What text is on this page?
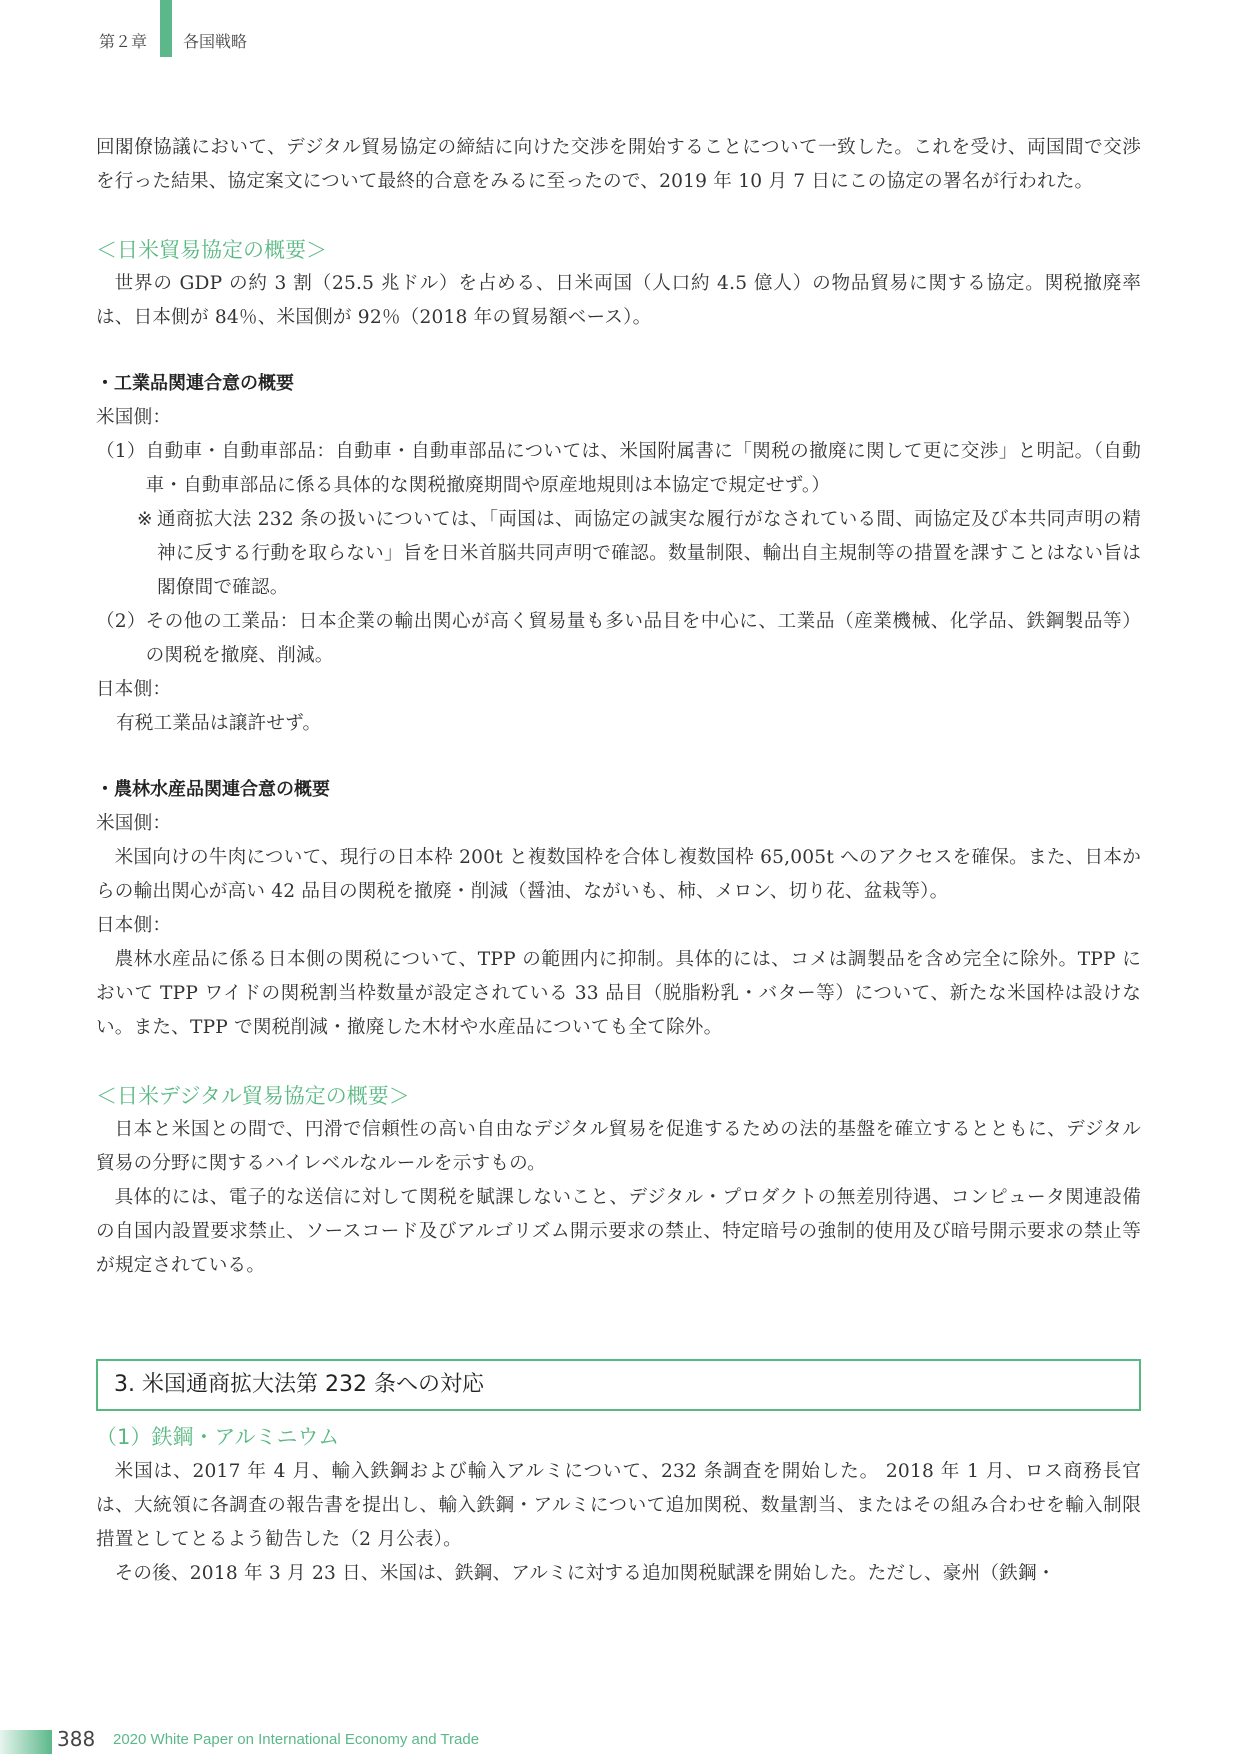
第２章 各国戦略

回閣僚協議において、デジタル貿易協定の締結に向けた交渉を開始することについて一致した。これを受け、両国間で交渉を行った結果、協定案文について最終的合意をみるに至ったので、2019 年 10 月 7 日にこの協定の署名が行われた。

＜日米貿易協定の概要＞

世界の GDP の約 3 割（25.5 兆ドル）を占める、日米両国（人口約 4.5 億人）の物品貿易に関する協定。関税撤廃率は、日本側が 84％、米国側が 92％（2018 年の貿易額ベース）。

・工業品関連合意の概要

米国側：

（1） 自動車・自動車部品：自動車・自動車部品については、米国附属書に「関税の撤廃に関して更に交渉」と明記。（自動車・自動車部品に係る具体的な関税撤廃期間や原産地規則は本協定で規定せず。）

※ 通商拡大法 232 条の扱いについては、「両国は、両協定の誠実な履行がなされている間、両協定及び本共同声明の精神に反する行動を取らない」旨を日米首脳共同声明で確認。数量制限、輸出自主規制等の措置を課すことはない旨は閣僚間で確認。

（2） その他の工業品：日本企業の輸出関心が高く貿易量も多い品目を中心に、工業品（産業機械、化学品、鉄鋼製品等）の関税を撤廃、削減。

日本側：

有税工業品は譲許せず。

・農林水産品関連合意の概要

米国側：

米国向けの牛肉について、現行の日本枠 200t と複数国枠を合体し複数国枠 65,005t へのアクセスを確保。また、日本からの輸出関心が高い 42 品目の関税を撤廃・削減（醤油、ながいも、柿、メロン、切り花、盆栽等）。

日本側：

農林水産品に係る日本側の関税について、TPP の範囲内に抑制。具体的には、コメは調製品を含め完全に除外。TPP において TPP ワイドの関税割当枠数量が設定されている 33 品目（脱脂粉乳・バター等）について、新たな米国枠は設けない。また、TPP で関税削減・撤廃した木材や水産品についても全て除外。

＜日米デジタル貿易協定の概要＞

日本と米国との間で、円滑で信頼性の高い自由なデジタル貿易を促進するための法的基盤を確立するとともに、デジタル貿易の分野に関するハイレベルなルールを示すもの。

具体的には、電子的な送信に対して関税を賦課しないこと、デジタル・プロダクトの無差別待遇、コンピュータ関連設備の自国内設置要求禁止、ソースコード及びアルゴリズム開示要求の禁止、特定暗号の強制的使用及び暗号開示要求の禁止等が規定されている。

3. 米国通商拡大法第 232 条への対応
（1）鉄鋼・アルミニウム

米国は、2017 年 4 月、輸入鉄鋼および輸入アルミについて、232 条調査を開始した。 2018 年 1 月、ロス商務長官は、大統領に各調査の報告書を提出し、輸入鉄鋼・アルミについて追加関税、数量割当、またはその組み合わせを輸入制限措置としてとるよう勧告した（2 月公表）。

その後、2018 年 3 月 23 日、米国は、鉄鋼、アルミに対する追加関税賦課を開始した。ただし、豪州（鉄鋼・

388 2020 White Paper on International Economy and Trade
